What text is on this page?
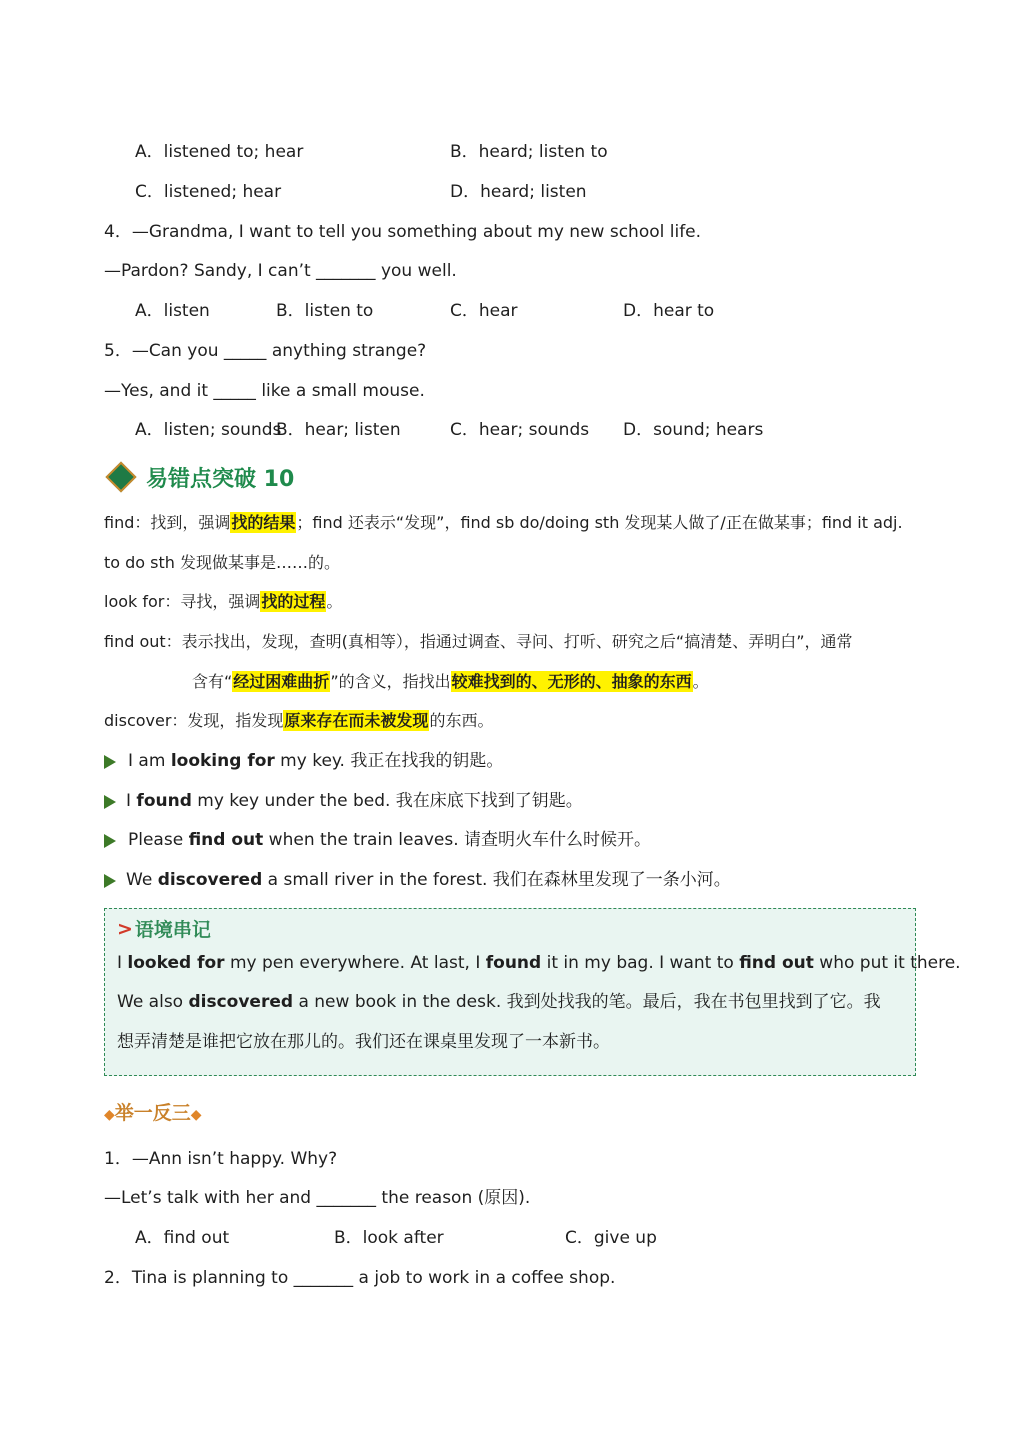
A．listened to; hear	B．heard; listen to
C．listened; hear	D．heard; listen
4．—Grandma, I want to tell you something about my new school life.
—Pardon? Sandy, I can’t _______ you well.
A．listen	B．listen to	C．hear	D．hear to
5．—Can you _____ anything strange?
—Yes, and it _____ like a small mouse.
A．listen; sounds
B．hear; listen	C．hear; sounds D．sound; hears
易错点突破 10
find：找到，强调找的结果；find 还表示“发现”，find sb do/doing sth 发现某人做了/正在做某事；find it adj.
to do sth 发现做某事是……的。
look for：寻找，强调找的过程。
find out：表示找出，发现，查明(真相等），指通过调查、寻问、打听、研究之后“搞清楚、弄明白”，通常
含有“经过困难曲折”的含义，指找出较难找到的、无形的、抽象的东西。
discover：发现，指发现原来存在而未被发现的东西。
I am looking for my key. 我正在找我的钥匙。
I found my key under the bed. 我在床底下找到了钥匙。
Please find out when the train leaves. 请查明火车什么时候开。
We discovered a small river in the forest. 我们在森林里发现了一条小河。
> 语境串记
I looked for my pen everywhere. At last, I found it in my bag. I want to find out who put it there.
We also discovered a new book in the desk. 我到处找我的笔。最后，我在书包里找到了它。我
想弄清楚是谁把它放在那儿的。我们还在课桌里发现了一本新书。
◆举一反三◆
1．—Ann isn’t happy. Why?
—Let’s talk with her and _______ the reason (原因).
A．find out	B．look after	C．give up
2．Tina is planning to _______ a job to work in a coffee shop.
